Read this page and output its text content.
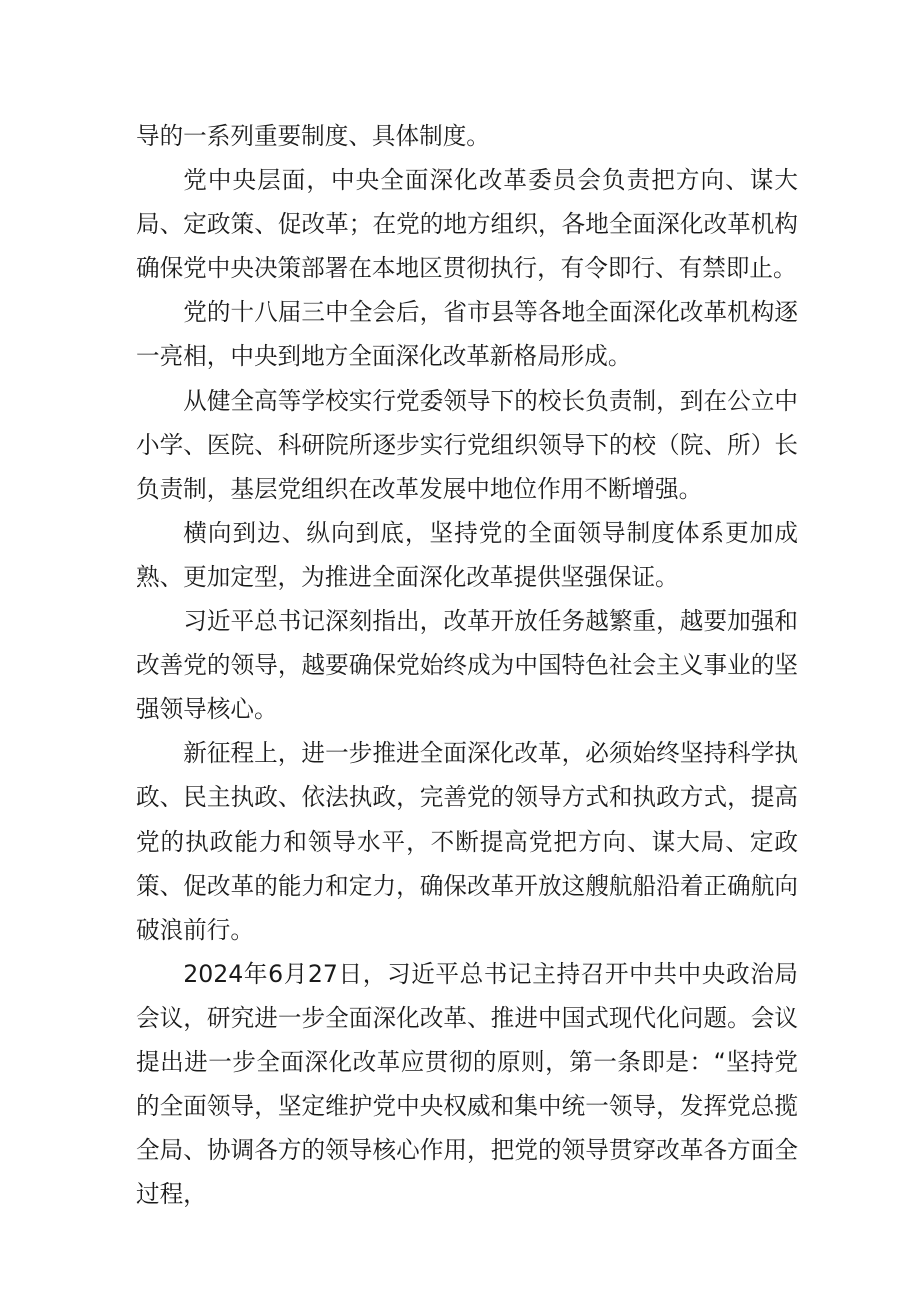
导的一系列重要制度、具体制度。

党中央层面，中央全面深化改革委员会负责把方向、谋大局、定政策、促改革；在党的地方组织，各地全面深化改革机构确保党中央决策部署在本地区贯彻执行，有令即行、有禁即止。

党的十八届三中全会后，省市县等各地全面深化改革机构逐一亮相，中央到地方全面深化改革新格局形成。

从健全高等学校实行党委领导下的校长负责制，到在公立中小学、医院、科研院所逐步实行党组织领导下的校（院、所）长负责制，基层党组织在改革发展中地位作用不断增强。

横向到边、纵向到底，坚持党的全面领导制度体系更加成熟、更加定型，为推进全面深化改革提供坚强保证。

习近平总书记深刻指出，改革开放任务越繁重，越要加强和改善党的领导，越要确保党始终成为中国特色社会主义事业的坚强领导核心。

新征程上，进一步推进全面深化改革，必须始终坚持科学执政、民主执政、依法执政，完善党的领导方式和执政方式，提高党的执政能力和领导水平，不断提高党把方向、谋大局、定政策、促改革的能力和定力，确保改革开放这艘航船沿着正确航向破浪前行。

2024年6月27日，习近平总书记主持召开中共中央政治局会议，研究进一步全面深化改革、推进中国式现代化问题。会议提出进一步全面深化改革应贯彻的原则，第一条即是：“坚持党的全面领导，坚定维护党中央权威和集中统一领导，发挥党总揽全局、协调各方的领导核心作用，把党的领导贯穿改革各方面全过程，
